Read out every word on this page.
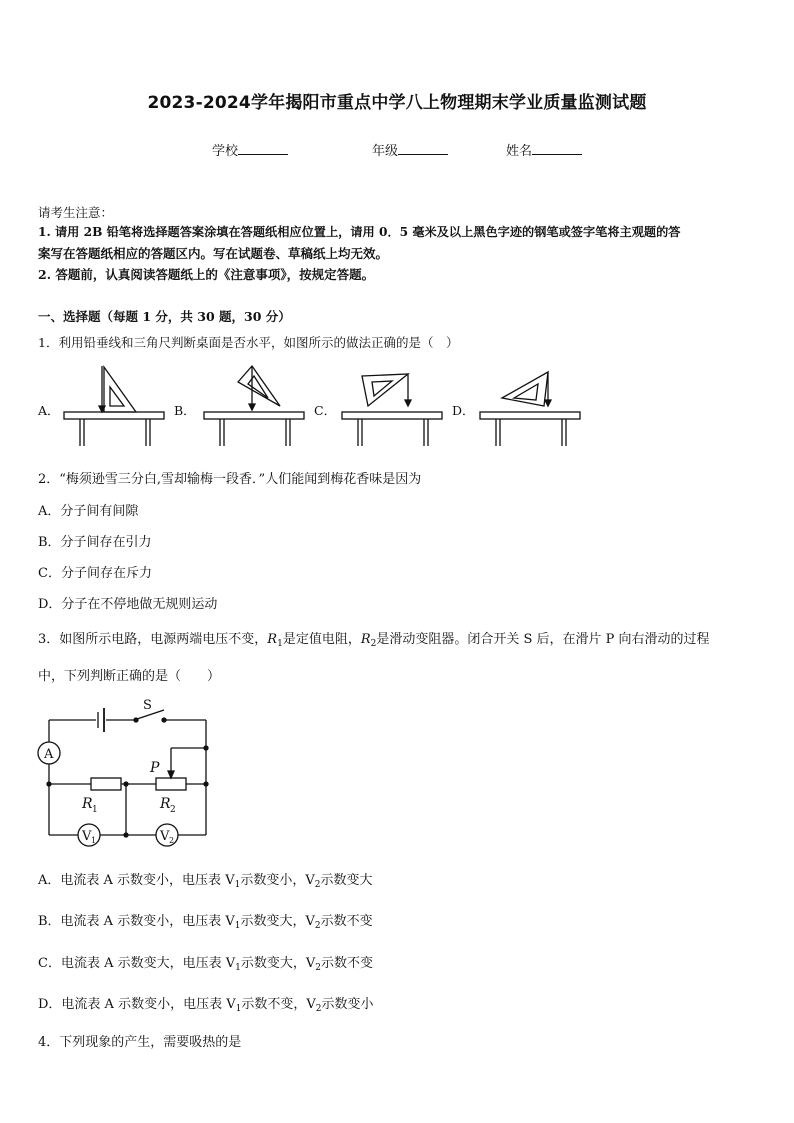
2023-2024学年揭阳市重点中学八上物理期末学业质量监测试题
学校	年级	姓名
请考生注意：
1. 请用 2B 铅笔将选择题答案涂填在答题纸相应位置上，请用 0．5 毫米及以上黑色字迹的钢笔或签字笔将主观题的答
案写在答题纸相应的答题区内。写在试题卷、草稿纸上均无效。
2. 答题前，认真阅读答题纸上的《注意事项》，按规定答题。
一、选择题（每题 1 分，共 30 题，30 分）
1．利用铅垂线和三角尺判断桌面是否水平，如图所示的做法正确的是（　）
A．	B．	C．	D．
2．“梅须逊雪三分白,雪却输梅一段香．”人们能闻到梅花香味是因为
A．分子间有间隙
B．分子间存在引力
C．分子间存在斥力
D．分子在不停地做无规则运动
3．如图所示电路，电源两端电压不变，$R_1$是定值电阻，$R_2$是滑动变阻器。闭合开关 S 后，在滑片 P 向右滑动的过程
中，下列判断正确的是（　　）
S
A
P
R 1	R 2
V 1	V 2
A．电流表 A 示数变小，电压表 $V_1$示数变小，$V_2$示数变大
B．电流表 A 示数变小，电压表 $V_1$示数变大，$V_2$示数不变
C．电流表 A 示数变大，电压表 $V_1$示数变大，$V_2$示数不变
D．电流表 A 示数变小，电压表 $V_1$示数不变，$V_2$示数变小
4．下列现象的产生，需要吸热的是
